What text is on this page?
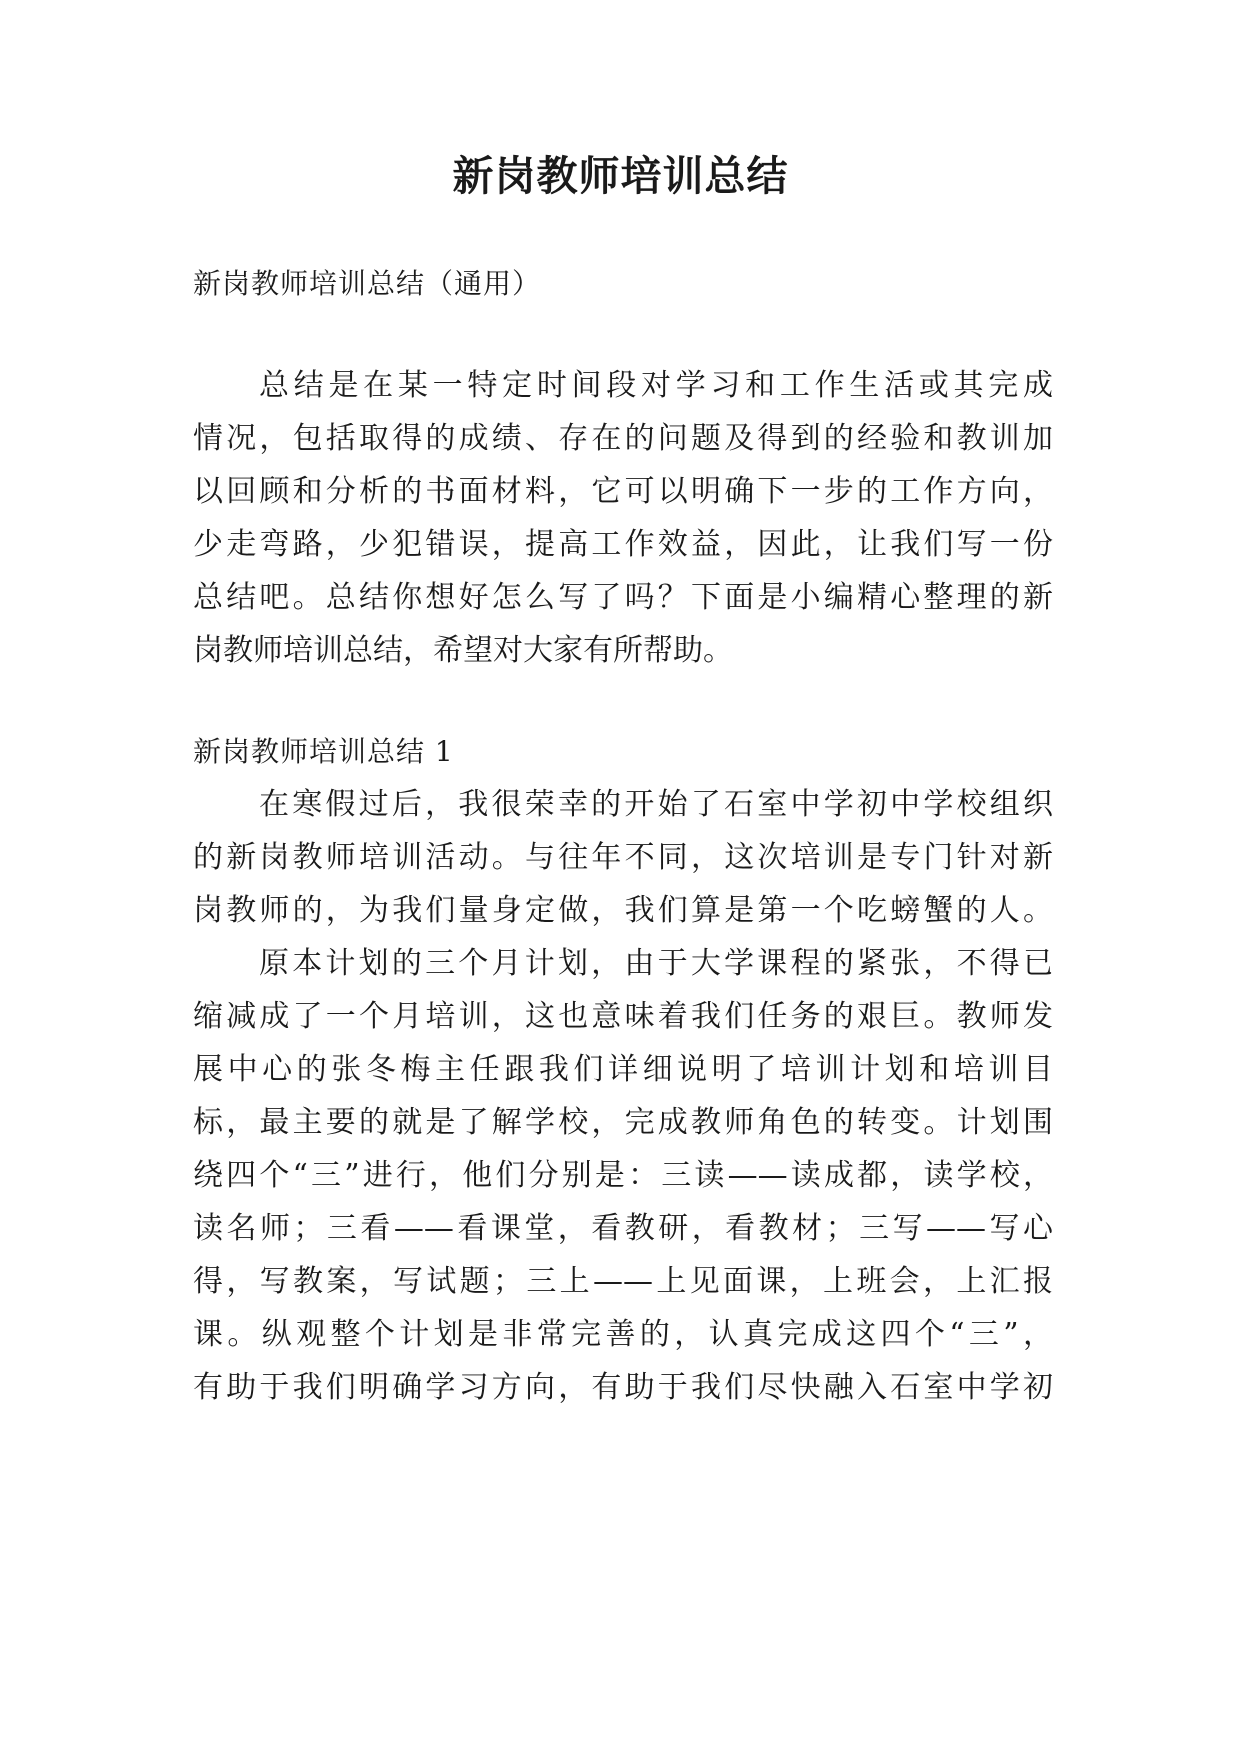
新岗教师培训总结
新岗教师培训总结（通用）
总结是在某一特定时间段对学习和工作生活或其完成
情况，包括取得的成绩、存在的问题及得到的经验和教训加
以回顾和分析的书面材料，它可以明确下一步的工作方向，
少走弯路，少犯错误，提高工作效益，因此，让我们写一份
总结吧。总结你想好怎么写了吗？下面是小编精心整理的新
岗教师培训总结，希望对大家有所帮助。
新岗教师培训总结 1
在寒假过后，我很荣幸的开始了石室中学初中学校组织
的新岗教师培训活动。与往年不同，这次培训是专门针对新
岗教师的，为我们量身定做，我们算是第一个吃螃蟹的人。
原本计划的三个月计划，由于大学课程的紧张，不得已
缩减成了一个月培训，这也意味着我们任务的艰巨。教师发
展中心的张冬梅主任跟我们详细说明了培训计划和培训目
标，最主要的就是了解学校，完成教师角色的转变。计划围
绕四个“三”进行，他们分别是：三读——读成都，读学校，
读名师；三看——看课堂，看教研，看教材；三写——写心
得，写教案，写试题；三上——上见面课，上班会，上汇报
课。纵观整个计划是非常完善的，认真完成这四个“三”，
有助于我们明确学习方向，有助于我们尽快融入石室中学初
